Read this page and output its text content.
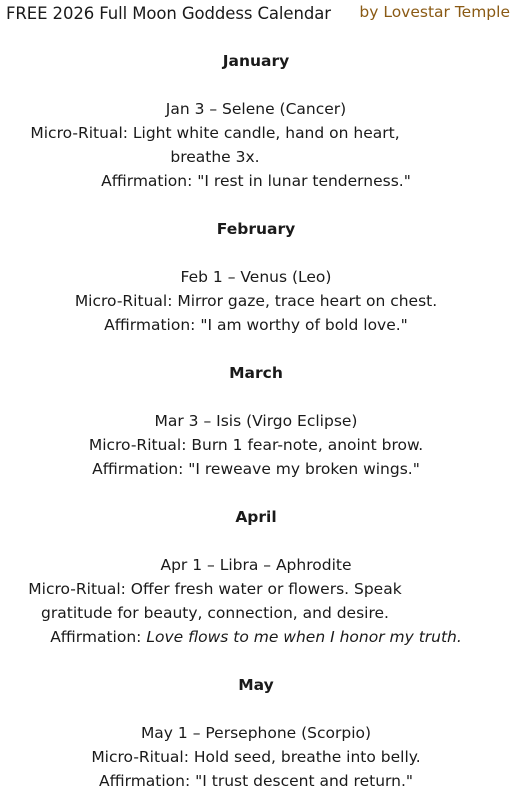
FREE 2026 Full Moon Goddess Calendar by Lovestar Temple

January

Jan 3 – Selene (Cancer)

Micro-Ritual: Light white candle, hand on heart, breathe 3x.

Affirmation: "I rest in lunar tenderness."

February

Feb 1 – Venus (Leo)

Micro-Ritual: Mirror gaze, trace heart on chest.

Affirmation: "I am worthy of bold love."

March

Mar 3 – Isis (Virgo Eclipse)

Micro-Ritual: Burn 1 fear-note, anoint brow.

Affirmation: "I reweave my broken wings."

April

Apr 1 – Libra – Aphrodite

Micro-Ritual: Offer fresh water or flowers. Speak gratitude for beauty, connection, and desire.

Affirmation: Love flows to me when I honor my truth.

May

May 1 – Persephone (Scorpio)

Micro-Ritual: Hold seed, breathe into belly.

Affirmation: "I trust descent and return."
